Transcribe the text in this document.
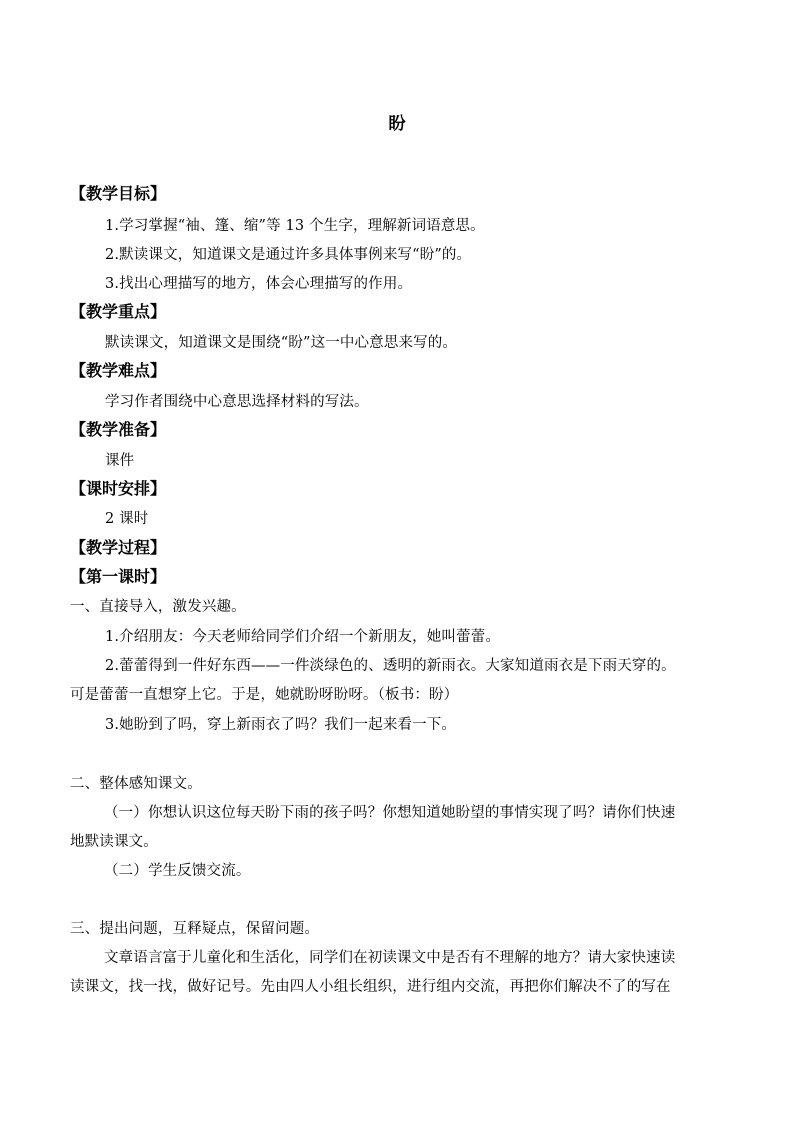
盼
【教学目标】
1.学习掌握“袖、篷、缩”等 13 个生字，理解新词语意思。
2.默读课文，知道课文是通过许多具体事例来写“盼”的。
3.找出心理描写的地方，体会心理描写的作用。
【教学重点】
默读课文，知道课文是围绕“盼”这一中心意思来写的。
【教学难点】
学习作者围绕中心意思选择材料的写法。
【教学准备】
课件
【课时安排】
2 课时
【教学过程】
【第一课时】
一、直接导入，激发兴趣。
1.介绍朋友：今天老师给同学们介绍一个新朋友，她叫蕾蕾。
2.蕾蕾得到一件好东西——一件淡绿色的、透明的新雨衣。大家知道雨衣是下雨天穿的。
可是蕾蕾一直想穿上它。于是，她就盼呀盼呀。（板书：盼）
3.她盼到了吗，穿上新雨衣了吗？我们一起来看一下。
二、整体感知课文。
（一）你想认识这位每天盼下雨的孩子吗？你想知道她盼望的事情实现了吗？请你们快速
地默读课文。
（二）学生反馈交流。
三、提出问题，互释疑点，保留问题。
文章语言富于儿童化和生活化，同学们在初读课文中是否有不理解的地方？请大家快速读
读课文，找一找，做好记号。先由四人小组长组织，进行组内交流，再把你们解决不了的写在
